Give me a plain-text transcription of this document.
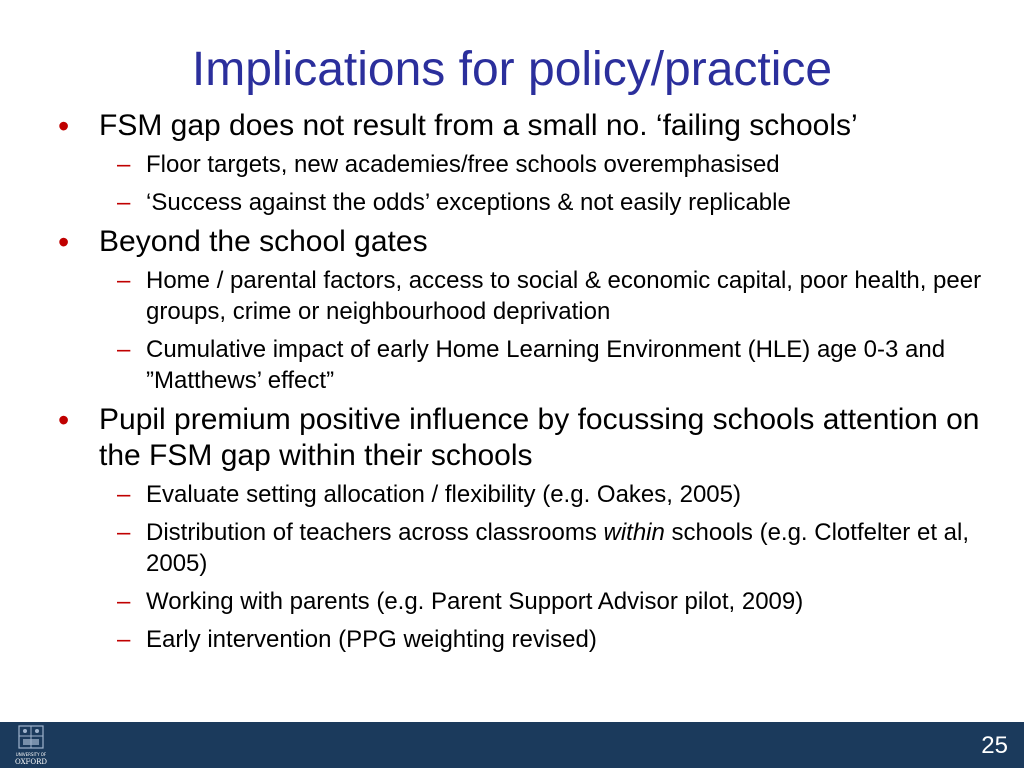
Implications for policy/practice
• FSM gap does not result from a small no. ‘failing schools’
– Floor targets, new academies/free schools overemphasised
– ‘Success against the odds’ exceptions & not easily replicable
• Beyond the school gates
– Home / parental factors, access to social & economic capital, poor health, peer groups, crime or neighbourhood deprivation
– Cumulative impact of early Home Learning Environment (HLE) age 0-3 and ”Matthews’ effect”
• Pupil premium positive influence by focussing schools attention on the FSM gap within their schools
– Evaluate setting allocation / flexibility (e.g. Oakes, 2005)
– Distribution of teachers across classrooms within schools (e.g. Clotfelter et al, 2005)
– Working with parents (e.g. Parent Support Advisor pilot, 2009)
– Early intervention (PPG weighting revised)
UNIVERSITY OF
OXFORD
25
